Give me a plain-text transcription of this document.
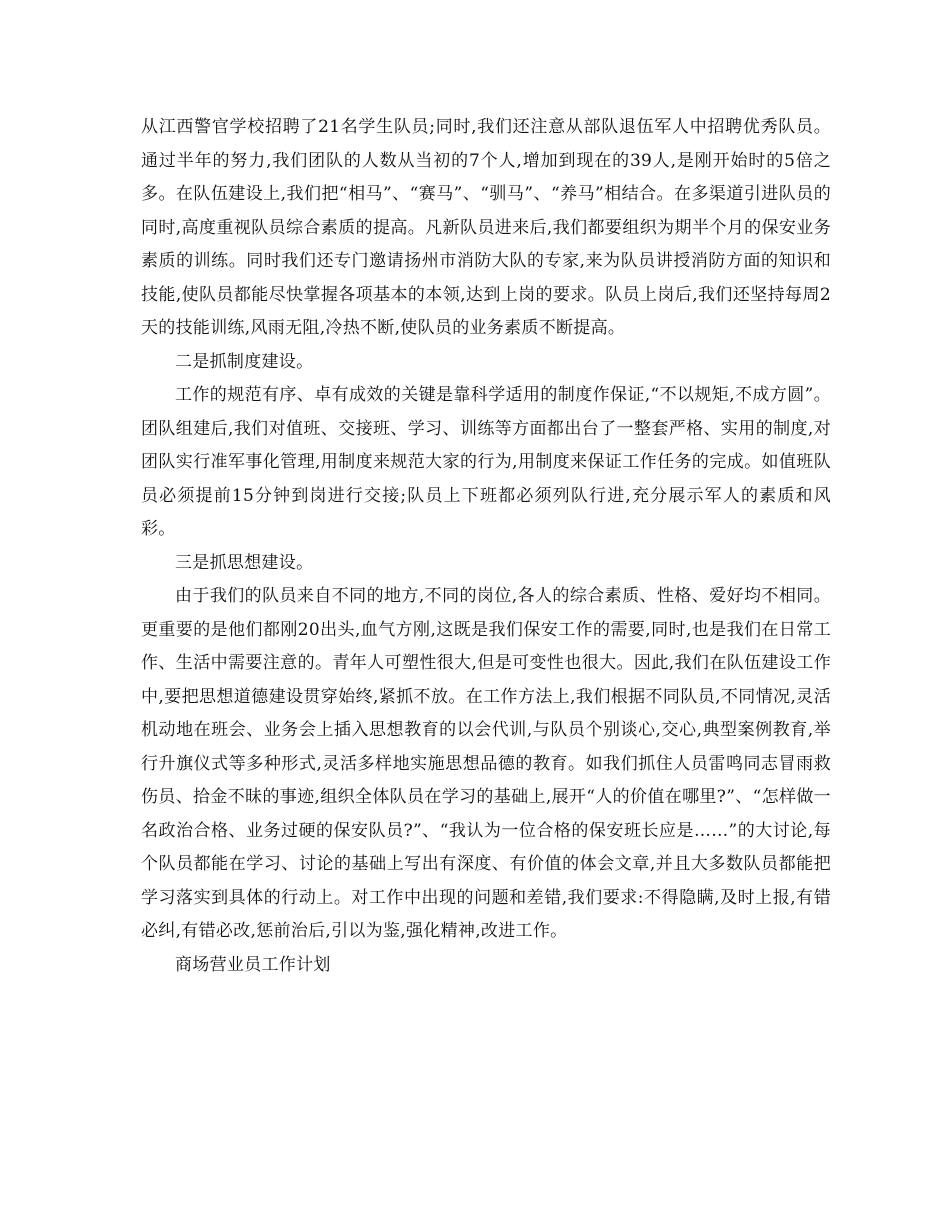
从江西警官学校招聘了21名学生队员;同时,我们还注意从部队退伍军人中招聘优秀队员。通过半年的努力,我们团队的人数从当初的7个人,增加到现在的39人,是刚开始时的5倍之多。在队伍建设上,我们把“相马”、“赛马”、“驯马”、“养马”相结合。在多渠道引进队员的同时,高度重视队员综合素质的提高。凡新队员进来后,我们都要组织为期半个月的保安业务素质的训练。同时我们还专门邀请扬州市消防大队的专家,来为队员讲授消防方面的知识和技能,使队员都能尽快掌握各项基本的本领,达到上岗的要求。队员上岗后,我们还坚持每周2天的技能训练,风雨无阻,冷热不断,使队员的业务素质不断提高。

二是抓制度建设。

工作的规范有序、卓有成效的关键是靠科学适用的制度作保证,“不以规矩,不成方圆”。团队组建后,我们对值班、交接班、学习、训练等方面都出台了一整套严格、实用的制度,对团队实行准军事化管理,用制度来规范大家的行为,用制度来保证工作任务的完成。如值班队员必须提前15分钟到岗进行交接;队员上下班都必须列队行进,充分展示军人的素质和风彩。

三是抓思想建设。

由于我们的队员来自不同的地方,不同的岗位,各人的综合素质、性格、爱好均不相同。更重要的是他们都刚20出头,血气方刚,这既是我们保安工作的需要,同时,也是我们在日常工作、生活中需要注意的。青年人可塑性很大,但是可变性也很大。因此,我们在队伍建设工作中,要把思想道德建设贯穿始终,紧抓不放。在工作方法上,我们根据不同队员,不同情况,灵活机动地在班会、业务会上插入思想教育的以会代训,与队员个别谈心,交心,典型案例教育,举行升旗仪式等多种形式,灵活多样地实施思想品德的教育。如我们抓住人员雷鸣同志冒雨救伤员、拾金不昧的事迹,组织全体队员在学习的基础上,展开“人的价值在哪里?”、“怎样做一名政治合格、业务过硬的保安队员?”、“我认为一位合格的保安班长应是……”的大讨论,每个队员都能在学习、讨论的基础上写出有深度、有价值的体会文章,并且大多数队员都能把学习落实到具体的行动上。对工作中出现的问题和差错,我们要求:不得隐瞒,及时上报,有错必纠,有错必改,惩前治后,引以为鉴,强化精神,改进工作。

商场营业员工作计划
